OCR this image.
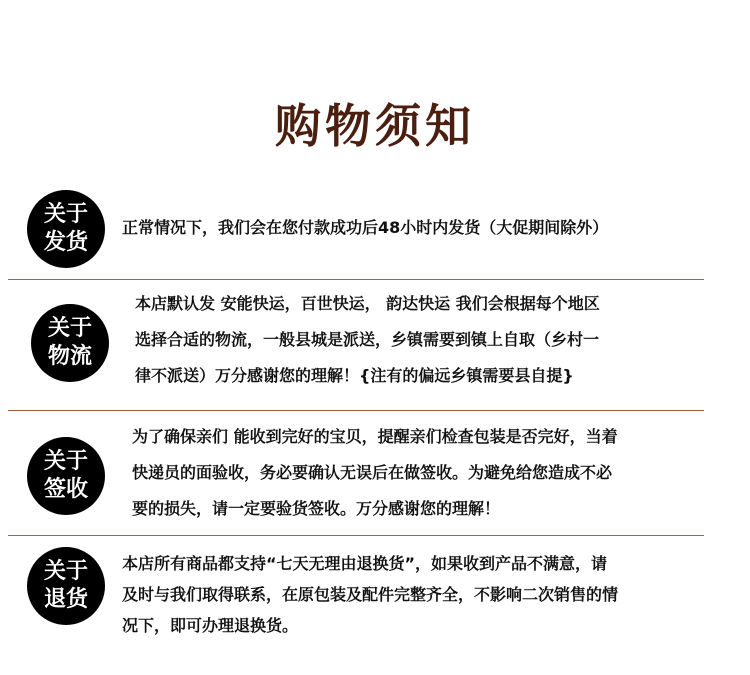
购物须知
关于
发货
正常情况下，我们会在您付款成功后48小时内发货（大促期间除外）
关于
物流
本店默认发 安能快运，百世快运， 韵达快运 我们会根据每个地区
选择合适的物流，一般县城是派送，乡镇需要到镇上自取（乡村一
律不派送）万分感谢您的理解！{注有的偏远乡镇需要县自提}
关于
签收
为了确保亲们 能收到完好的宝贝，提醒亲们检查包装是否完好，当着
快递员的面验收，务必要确认无误后在做签收。为避免给您造成不必
要的损失，请一定要验货签收。万分感谢您的理解！
关于
退货
本店所有商品都支持“七天无理由退换货”，如果收到产品不满意，请
及时与我们取得联系，在原包装及配件完整齐全，不影响二次销售的情
况下，即可办理退换货。
